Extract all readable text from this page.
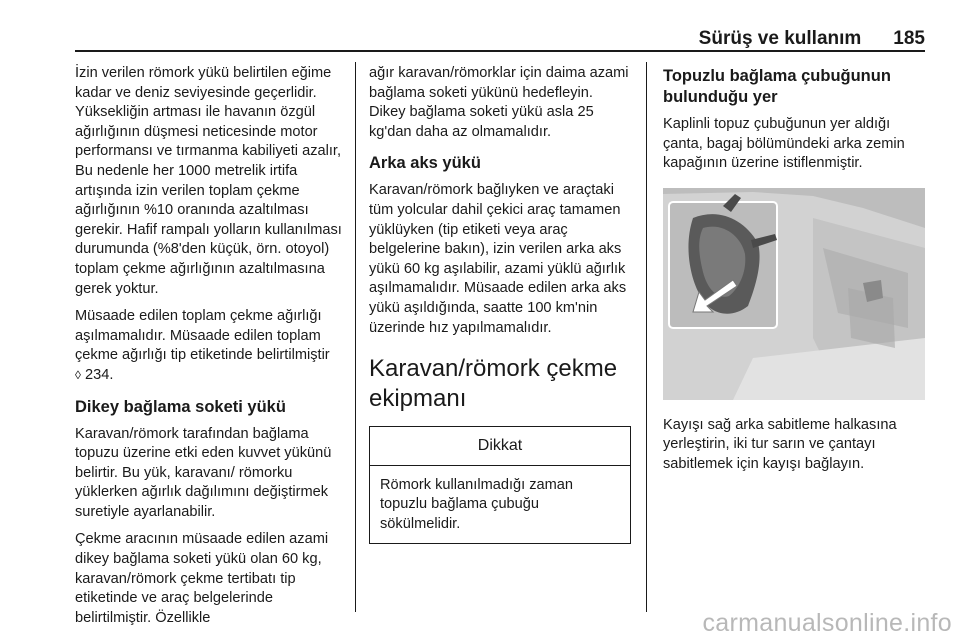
Sürüş ve kullanım 185

İzin verilen römork yükü belirtilen eğime kadar ve deniz seviyesinde geçerlidir. Yüksekliğin artması ile havanın özgül ağırlığının düşmesi neticesinde motor performansı ve tırmanma kabiliyeti azalır, Bu nedenle her 1000 metrelik irtifa artışında izin verilen toplam çekme ağırlığının %10 oranında azaltılması gerekir. Hafif rampalı yolların kullanılması durumunda (%8'den küçük, örn. otoyol) toplam çekme ağırlığının azaltılmasına gerek yoktur.

Müsaade edilen toplam çekme ağırlığı aşılmamalıdır. Müsaade edilen toplam çekme ağırlığı tip etiketinde belirtilmiştir ◊ 234.

Dikey bağlama soketi yükü

Karavan/römork tarafından bağlama topuzu üzerine etki eden kuvvet yükünü belirtir. Bu yük, karavanı/ römorku yüklerken ağırlık dağılımını değiştirmek suretiyle ayarlanabilir.

Çekme aracının müsaade edilen azami dikey bağlama soketi yükü olan 60 kg, karavan/römork çekme tertibatı tip etiketinde ve araç belgelerinde belirtilmiştir. Özellikle

ağır karavan/römorklar için daima azami bağlama soketi yükünü hedefleyin. Dikey bağlama soketi yükü asla 25 kg'dan daha az olmamalıdır.

Arka aks yükü

Karavan/römork bağlıyken ve araçtaki tüm yolcular dahil çekici araç tamamen yüklüyken (tip etiketi veya araç belgelerine bakın), izin verilen arka aks yükü 60 kg aşılabilir, azami yüklü ağırlık aşılmamalıdır. Müsaade edilen arka aks yükü aşıldığında, saatte 100 km'nin üzerinde hız yapılmamalıdır.

Karavan/römork çekme ekipmanı
Dikkat
Römork kullanılmadığı zaman topuzlu bağlama çubuğu sökülmelidir.
Topuzlu bağlama çubuğunun bulunduğu yer

Kaplinli topuz çubuğunun yer aldığı çanta, bagaj bölümündeki arka zemin kapağının üzerine istiflenmiştir.

Kayışı sağ arka sabitleme halkasına yerleştirin, iki tur sarın ve çantayı sabitlemek için kayışı bağlayın.

carmanualsonline.info
